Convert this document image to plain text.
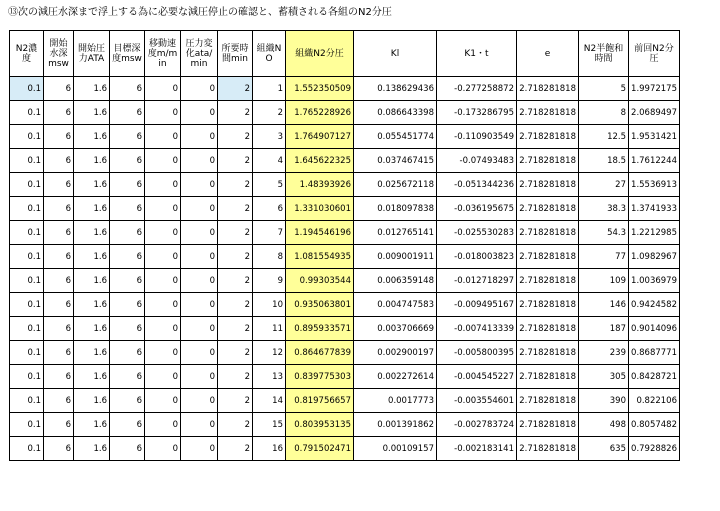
⑬次の減圧水深まで浮上する為に必要な減圧停止の確認と、蓄積される各組のN2分圧
N2濃度	開始水深msw	開始圧力ATA	目標深度msw	移動速度m/min	圧力変化ata/min	所要時間min	組織NO	組織N2分圧	Kl	K1・t	e	N2半飽和時間	前回N2分圧
0.1	6	1.6	6	0	0	2	1	1.552350509	0.138629436	-0.277258872	2.718281818	5	1.9972175
0.1	6	1.6	6	0	0	2	2	1.765228926	0.086643398	-0.173286795	2.718281818	8	2.0689497
0.1	6	1.6	6	0	0	2	3	1.764907127	0.055451774	-0.110903549	2.718281818	12.5	1.9531421
0.1	6	1.6	6	0	0	2	4	1.645622325	0.037467415	-0.07493483	2.718281818	18.5	1.7612244
0.1	6	1.6	6	0	0	2	5	1.48393926	0.025672118	-0.051344236	2.718281818	27	1.5536913
0.1	6	1.6	6	0	0	2	6	1.331030601	0.018097838	-0.036195675	2.718281818	38.3	1.3741933
0.1	6	1.6	6	0	0	2	7	1.194546196	0.012765141	-0.025530283	2.718281818	54.3	1.2212985
0.1	6	1.6	6	0	0	2	8	1.081554935	0.009001911	-0.018003823	2.718281818	77	1.0982967
0.1	6	1.6	6	0	0	2	9	0.99303544	0.006359148	-0.012718297	2.718281818	109	1.0036979
0.1	6	1.6	6	0	0	2	10	0.935063801	0.004747583	-0.009495167	2.718281818	146	0.9424582
0.1	6	1.6	6	0	0	2	11	0.895933571	0.003706669	-0.007413339	2.718281818	187	0.9014096
0.1	6	1.6	6	0	0	2	12	0.864677839	0.002900197	-0.005800395	2.718281818	239	0.8687771
0.1	6	1.6	6	0	0	2	13	0.839775303	0.002272614	-0.004545227	2.718281818	305	0.8428721
0.1	6	1.6	6	0	0	2	14	0.819756657	0.0017773	-0.003554601	2.718281818	390	0.822106
0.1	6	1.6	6	0	0	2	15	0.803953135	0.001391862	-0.002783724	2.718281818	498	0.8057482
0.1	6	1.6	6	0	0	2	16	0.791502471	0.00109157	-0.002183141	2.718281818	635	0.7928826
